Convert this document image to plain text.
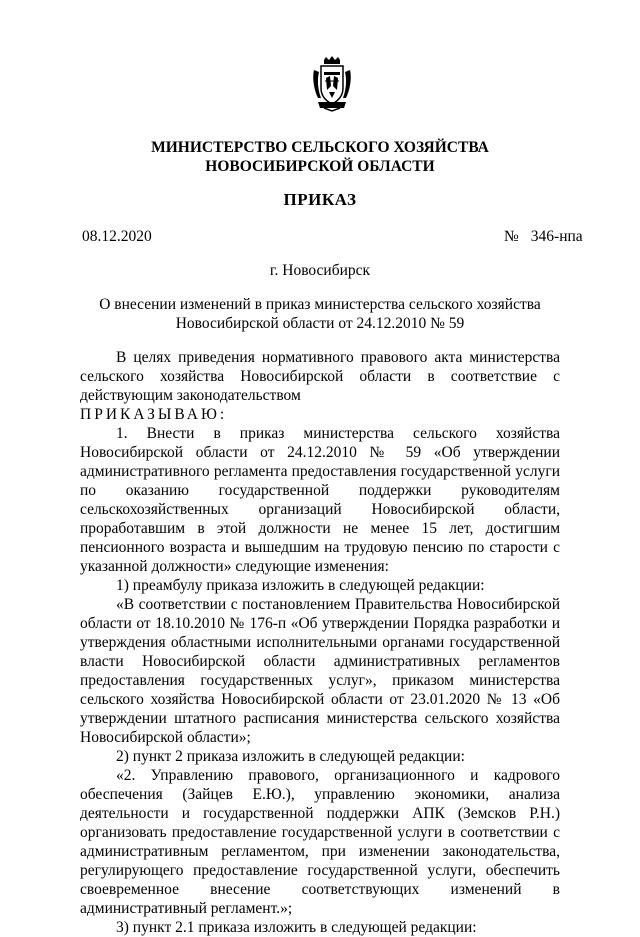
МИНИСТЕРСТВО СЕЛЬСКОГО ХОЗЯЙСТВА
НОВОСИБИРСКОЙ ОБЛАСТИ
ПРИКАЗ
08.12.2020	№ 346-нпа
г. Новосибирск
О внесении изменений в приказ министерства сельского хозяйства
Новосибирской области от 24.12.2010 № 59

В целях приведения нормативного правового акта министерства сельского хозяйства Новосибирской области в соответствие с действующим законодательством

ПРИКАЗЫВАЮ:

1. Внести в приказ министерства сельского хозяйства Новосибирской области от 24.12.2010 № 59 «Об утверждении административного регламента предоставления государственной услуги по оказанию государственной поддержки руководителям сельскохозяйственных организаций Новосибирской области, проработавшим в этой должности не менее 15 лет, достигшим пенсионного возраста и вышедшим на трудовую пенсию по старости с указанной должности» следующие изменения:

1) преамбулу приказа изложить в следующей редакции:

«В соответствии с постановлением Правительства Новосибирской области от 18.10.2010 № 176-п «Об утверждении Порядка разработки и утверждения областными исполнительными органами государственной власти Новосибирской области административных регламентов предоставления государственных услуг», приказом министерства сельского хозяйства Новосибирской области от 23.01.2020 № 13 «Об утверждении штатного расписания министерства сельского хозяйства Новосибирской области»;

2) пункт 2 приказа изложить в следующей редакции:

«2. Управлению правового, организационного и кадрового обеспечения (Зайцев Е.Ю.), управлению экономики, анализа деятельности и государственной поддержки АПК (Земсков Р.Н.) организовать предоставление государственной услуги в соответствии с административным регламентом, при изменении законодательства, регулирующего предоставление государственной услуги, обеспечить своевременное внесение соответствующих изменений в административный регламент.»;

3) пункт 2.1 приказа изложить в следующей редакции:
